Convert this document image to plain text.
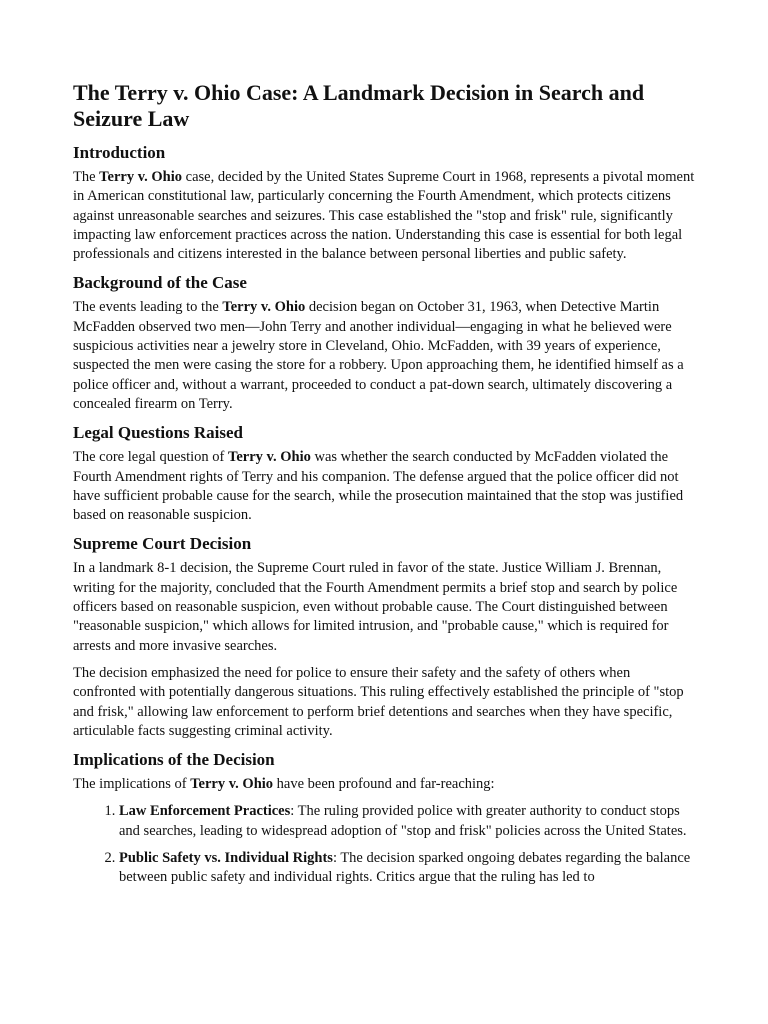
The Terry v. Ohio Case: A Landmark Decision in Search and Seizure Law
Introduction

The Terry v. Ohio case, decided by the United States Supreme Court in 1968, represents a pivotal moment in American constitutional law, particularly concerning the Fourth Amendment, which protects citizens against unreasonable searches and seizures. This case established the "stop and frisk" rule, significantly impacting law enforcement practices across the nation. Understanding this case is essential for both legal professionals and citizens interested in the balance between personal liberties and public safety.

Background of the Case

The events leading to the Terry v. Ohio decision began on October 31, 1963, when Detective Martin McFadden observed two men—John Terry and another individual—engaging in what he believed were suspicious activities near a jewelry store in Cleveland, Ohio. McFadden, with 39 years of experience, suspected the men were casing the store for a robbery. Upon approaching them, he identified himself as a police officer and, without a warrant, proceeded to conduct a pat-down search, ultimately discovering a concealed firearm on Terry.

Legal Questions Raised

The core legal question of Terry v. Ohio was whether the search conducted by McFadden violated the Fourth Amendment rights of Terry and his companion. The defense argued that the police officer did not have sufficient probable cause for the search, while the prosecution maintained that the stop was justified based on reasonable suspicion.

Supreme Court Decision

In a landmark 8-1 decision, the Supreme Court ruled in favor of the state. Justice William J. Brennan, writing for the majority, concluded that the Fourth Amendment permits a brief stop and search by police officers based on reasonable suspicion, even without probable cause. The Court distinguished between "reasonable suspicion," which allows for limited intrusion, and "probable cause," which is required for arrests and more invasive searches.

The decision emphasized the need for police to ensure their safety and the safety of others when confronted with potentially dangerous situations. This ruling effectively established the principle of "stop and frisk," allowing law enforcement to perform brief detentions and searches when they have specific, articulable facts suggesting criminal activity.

Implications of the Decision

The implications of Terry v. Ohio have been profound and far-reaching:

1. Law Enforcement Practices: The ruling provided police with greater authority to conduct stops and searches, leading to widespread adoption of "stop and frisk" policies across the United States.
2. Public Safety vs. Individual Rights: The decision sparked ongoing debates regarding the balance between public safety and individual rights. Critics argue that the ruling has led to
